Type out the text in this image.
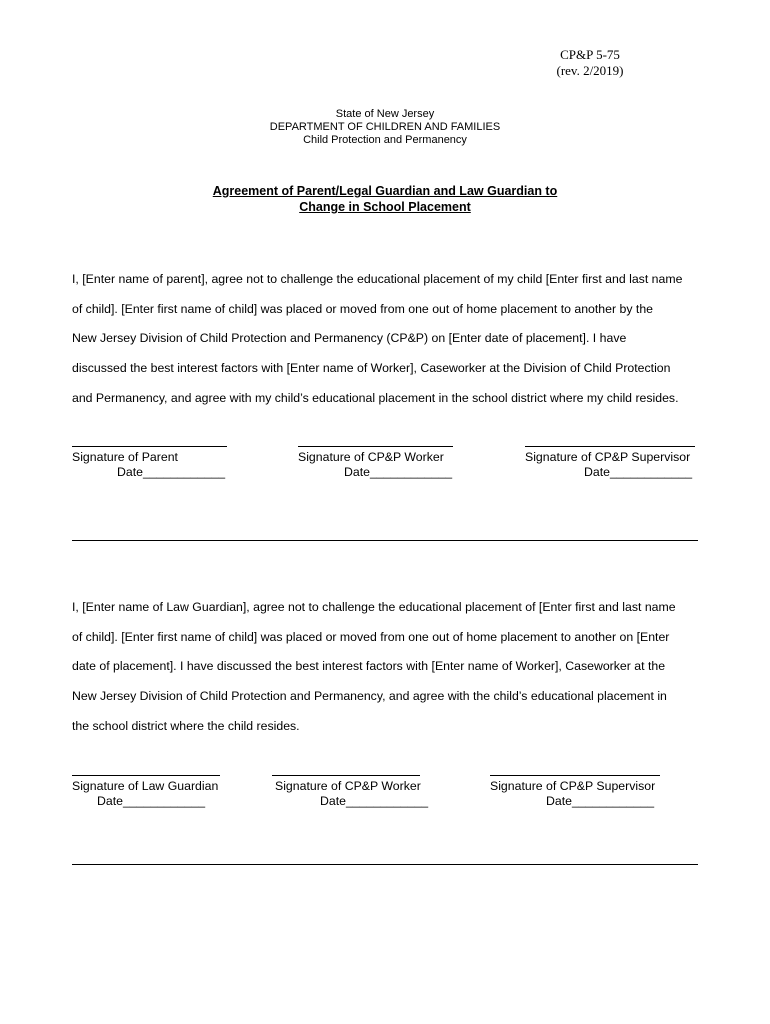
CP&P 5-75
(rev. 2/2019)
State of New Jersey
DEPARTMENT OF CHILDREN AND FAMILIES
Child Protection and Permanency
Agreement of Parent/Legal Guardian and Law Guardian to
Change in School Placement

I, [Enter name of parent], agree not to challenge the educational placement of my child [Enter first and last name
of child]. [Enter first name of child] was placed or moved from one out of home placement to another by the
New Jersey Division of Child Protection and Permanency (CP&P) on [Enter date of placement]. I have
discussed the best interest factors with [Enter name of Worker], Caseworker at the Division of Child Protection
and Permanency, and agree with my child’s educational placement in the school district where my child resides.

Signature of Parent
Date____________
Signature of CP&P Worker
Date____________
Signature of CP&P Supervisor
Date____________

I, [Enter name of Law Guardian], agree not to challenge the educational placement of [Enter first and last name
of child]. [Enter first name of child] was placed or moved from one out of home placement to another on [Enter
date of placement]. I have discussed the best interest factors with [Enter name of Worker], Caseworker at the
New Jersey Division of Child Protection and Permanency, and agree with the child’s educational placement in
the school district where the child resides.

Signature of Law Guardian
Date____________
Signature of CP&P Worker
Date____________
Signature of CP&P Supervisor
Date____________
